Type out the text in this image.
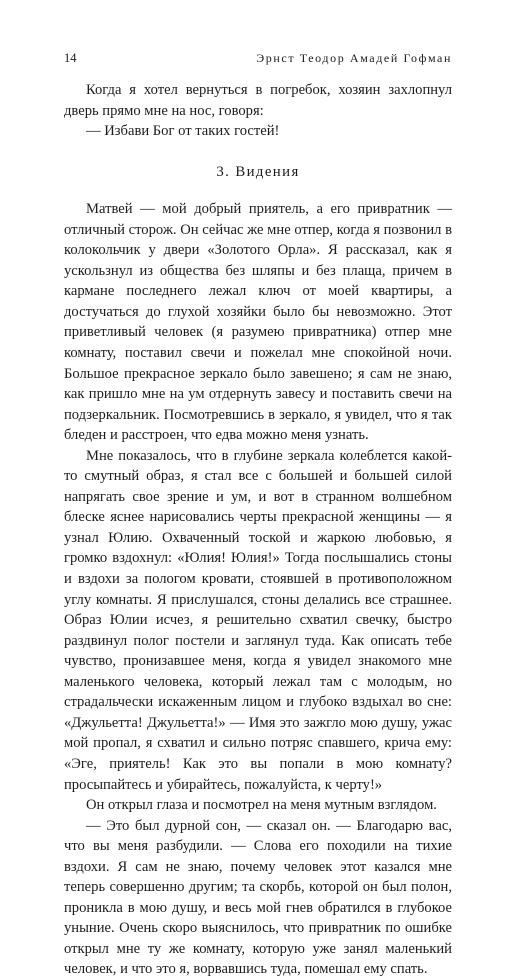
14	Эрнст Теодор Амадей Гофман

Когда я хотел вернуться в погребок, хозяин захлопнул дверь прямо мне на нос, говоря:

— Избави Бог от таких гостей!

3. Видения

Матвей — мой добрый приятель, а его привратник — отличный сторож. Он сейчас же мне отпер, когда я позвонил в колокольчик у двери «Золотого Орла». Я рассказал, как я ускользнул из общества без шляпы и без плаща, причем в кармане последнего лежал ключ от моей квартиры, а достучаться до глухой хозяйки было бы невозможно. Этот приветливый человек (я разумею привратника) отпер мне комнату, поставил свечи и пожелал мне спокойной ночи. Большое прекрасное зеркало было завешено; я сам не знаю, как пришло мне на ум отдернуть завесу и поставить свечи на подзеркальник. Посмотревшись в зеркало, я увидел, что я так бледен и расстроен, что едва можно меня узнать.

Мне показалось, что в глубине зеркала колеблется какой-то смутный образ, я стал все с большей и большей силой напрягать свое зрение и ум, и вот в странном волшебном блеске яснее нарисовались черты прекрасной женщины — я узнал Юлию. Охваченный тоской и жаркою любовью, я громко вздохнул: «Юлия! Юлия!» Тогда послышались стоны и вздохи за пологом кровати, стоявшей в противоположном углу комнаты. Я прислушался, стоны делались все страшнее. Образ Юлии исчез, я решительно схватил свечку, быстро раздвинул полог постели и заглянул туда. Как описать тебе чувство, пронизавшее меня, когда я увидел знакомого мне маленького человека, который лежал там с молодым, но страдальчески искаженным лицом и глубоко вздыхал во сне: «Джульетта! Джульетта!» — Имя это зажгло мою душу, ужас мой пропал, я схватил и сильно потряс спавшего, крича ему: «Эге, приятель! Как это вы попали в мою комнату? просыпайтесь и убирайтесь, пожалуйста, к черту!»

Он открыл глаза и посмотрел на меня мутным взглядом.

— Это был дурной сон, — сказал он. — Благодарю вас, что вы меня разбудили. — Слова его походили на тихие вздохи. Я сам не знаю, почему человек этот казался мне теперь совершенно другим; та скорбь, которой он был полон, проникла в мою душу, и весь мой гнев обратился в глубокое уныние. Очень скоро выяснилось, что привратник по ошибке открыл мне ту же комнату, которую уже занял маленький человек, и что это я, ворвавшись туда, помешал ему спать.
